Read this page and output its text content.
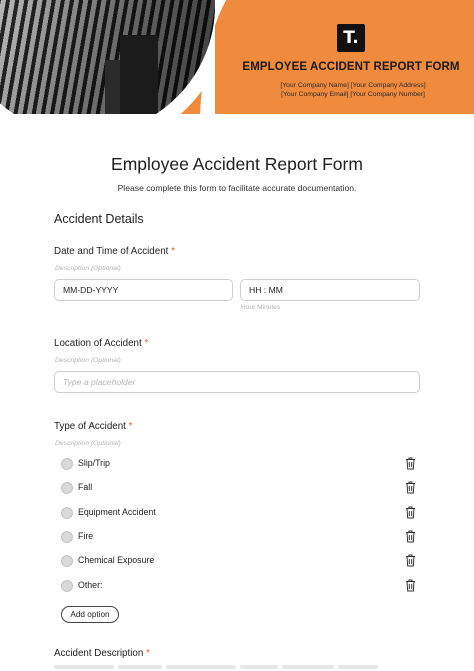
T.
EMPLOYEE ACCIDENT REPORT FORM
[Your Company Name] [Your Company Address]
[Your Company Email] [Your Company Number]
Employee Accident Report Form
Please complete this form to facilitate accurate documentation.
Accident Details
Date and Time of Accident *
Description (Optional)
MM-DD-YYYY	HH : MM
Hour Minutes
Location of Accident *
Description (Optional)
Type a placeholder
Type of Accident *
Description (Optional)
Slip/Trip
Fall
Equipment Accident
Fire
Chemical Exposure
Other:
Add option
Accident Description *
